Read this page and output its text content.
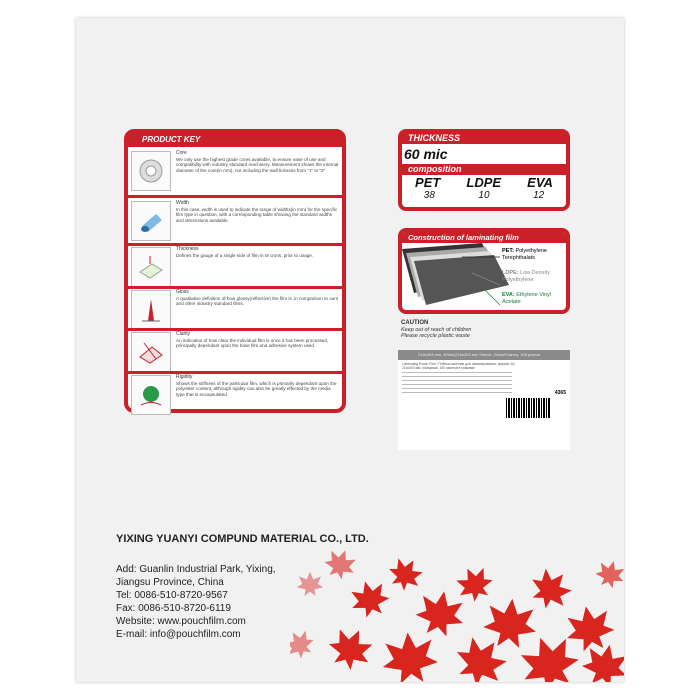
PRODUCT KEY
Core
We only use the highest grade cores available, to ensure ease of use and compatibility with industry standard machinery. Measurement shows the internal diameter of the core(in mm), not including the wall tickness from "1" to "3"
Width
In this case, width is used to indicate the range of widths(in mm) for the specific film type in question, with a corresponding table showing the standard widths and dimensions available.
Thickness
Defines the gauge of a single side of film in M crons, prior to usage.
Gloss
A qualitative definition of how glossy(reflective) the film is ,in comparison to ours and other industry standard films.
Clarity
An indication of how clear the individual film is once it has been processed, principally dependant upon the base film and adhesive system used.
Rigidity
Shows the stiffness of the particular film, which is primarily dependant upon the polyester content, although rigidity can also be greatly effected by the media type that is encapsulated.
THICKNESS
60 mic
composition
PET LDPE EVA
38	10	12
Construction of laminating film
PET: Polyethylene Terephthalats
LDPE: Low Density Polyethylene
EVA: Ethylene Vinyl Acetate
CAUTION
Keep out of reach of children
Please recycle plastic waste
216x303 mm, 60mic(216x303 mic Sleeve, Gloss/Глянец, 100 pcs/шт
Laminating Pouch Film / Плёнка пакетная для ламинирования, формат А4
216x303 мм, глянцевая, 100 пакетов в упаковке
4365
YIXING YUANYI COMPUND MATERIAL CO., LTD.
Add: Guanlin Industrial Park, Yixing,
Jiangsu Province, China
Tel: 0086-510-8720-9567
Fax: 0086-510-8720-6119
Website: www.pouchfilm.com
E-mail: info@pouchfilm.com
